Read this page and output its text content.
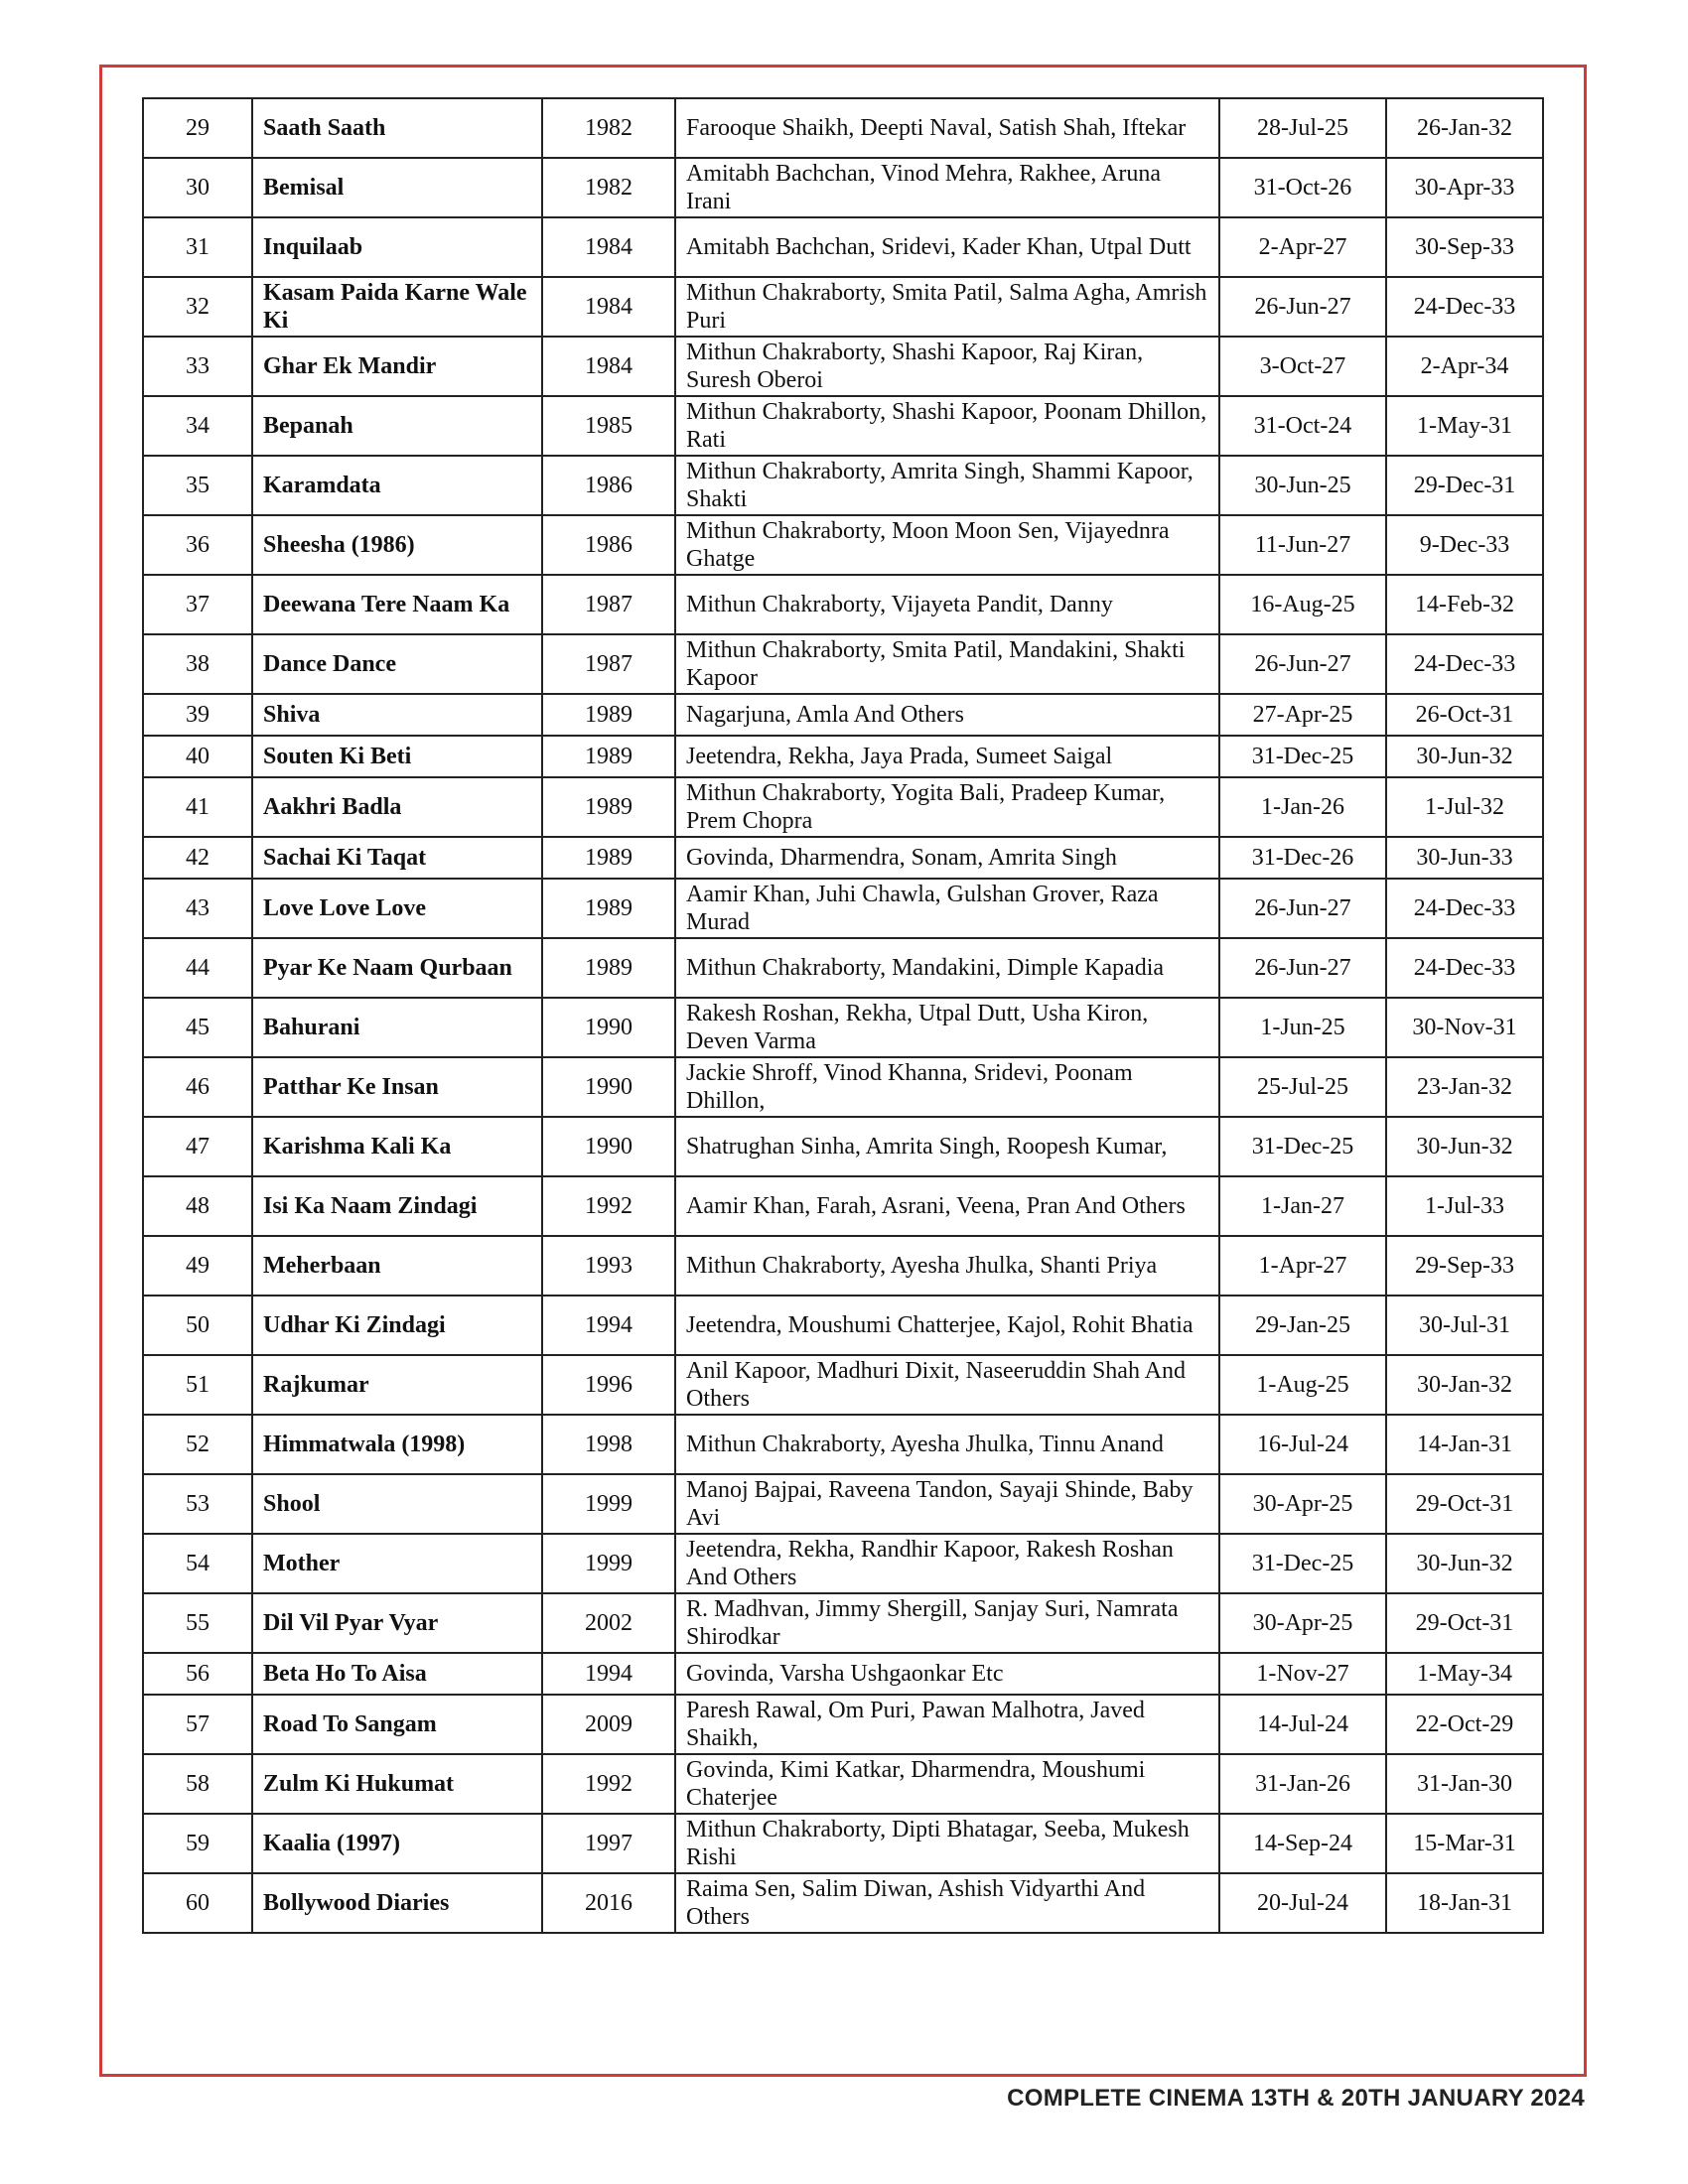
29	Saath Saath	1982	Farooque Shaikh, Deepti Naval, Satish Shah, Iftekar	28-Jul-25	26-Jan-32
30	Bemisal	1982	Amitabh Bachchan, Vinod Mehra, Rakhee, Aruna Irani	31-Oct-26	30-Apr-33
31	Inquilaab	1984	Amitabh Bachchan, Sridevi, Kader Khan, Utpal Dutt	2-Apr-27	30-Sep-33
32	Kasam Paida Karne Wale Ki	1984	Mithun Chakraborty, Smita Patil, Salma Agha, Amrish Puri	26-Jun-27	24-Dec-33
33	Ghar Ek Mandir	1984	Mithun Chakraborty, Shashi Kapoor, Raj Kiran, Suresh Oberoi	3-Oct-27	2-Apr-34
34	Bepanah	1985	Mithun Chakraborty, Shashi Kapoor, Poonam Dhillon, Rati	31-Oct-24	1-May-31
35	Karamdata	1986	Mithun Chakraborty, Amrita Singh, Shammi Kapoor, Shakti	30-Jun-25	29-Dec-31
36	Sheesha (1986)	1986	Mithun Chakraborty, Moon Moon Sen, Vijayednra Ghatge	11-Jun-27	9-Dec-33
37	Deewana Tere Naam Ka	1987	Mithun Chakraborty, Vijayeta Pandit, Danny	16-Aug-25	14-Feb-32
38	Dance Dance	1987	Mithun Chakraborty, Smita Patil, Mandakini, Shakti Kapoor	26-Jun-27	24-Dec-33
39	Shiva	1989	Nagarjuna, Amla And Others	27-Apr-25	26-Oct-31
40	Souten Ki Beti	1989	Jeetendra, Rekha, Jaya Prada, Sumeet Saigal	31-Dec-25	30-Jun-32
41	Aakhri Badla	1989	Mithun Chakraborty, Yogita Bali, Pradeep Kumar, Prem Chopra	1-Jan-26	1-Jul-32
42	Sachai Ki Taqat	1989	Govinda, Dharmendra, Sonam, Amrita Singh	31-Dec-26	30-Jun-33
43	Love Love Love	1989	Aamir Khan, Juhi Chawla, Gulshan Grover, Raza Murad	26-Jun-27	24-Dec-33
44	Pyar Ke Naam Qurbaan	1989	Mithun Chakraborty, Mandakini, Dimple Kapadia	26-Jun-27	24-Dec-33
45	Bahurani	1990	Rakesh Roshan, Rekha, Utpal Dutt, Usha Kiron, Deven Varma	1-Jun-25	30-Nov-31
46	Patthar Ke Insan	1990	Jackie Shroff, Vinod Khanna, Sridevi, Poonam Dhillon,	25-Jul-25	23-Jan-32
47	Karishma Kali Ka	1990	Shatrughan Sinha, Amrita Singh, Roopesh Kumar,	31-Dec-25	30-Jun-32
48	Isi Ka Naam Zindagi	1992	Aamir Khan, Farah, Asrani, Veena, Pran And Others	1-Jan-27	1-Jul-33
49	Meherbaan	1993	Mithun Chakraborty, Ayesha Jhulka, Shanti Priya	1-Apr-27	29-Sep-33
50	Udhar Ki Zindagi	1994	Jeetendra, Moushumi Chatterjee, Kajol, Rohit Bhatia	29-Jan-25	30-Jul-31
51	Rajkumar	1996	Anil Kapoor, Madhuri Dixit, Naseeruddin Shah And Others	1-Aug-25	30-Jan-32
52	Himmatwala (1998)	1998	Mithun Chakraborty, Ayesha Jhulka, Tinnu Anand	16-Jul-24	14-Jan-31
53	Shool	1999	Manoj Bajpai, Raveena Tandon, Sayaji Shinde, Baby Avi	30-Apr-25	29-Oct-31
54	Mother	1999	Jeetendra, Rekha, Randhir Kapoor, Rakesh Roshan And Others	31-Dec-25	30-Jun-32
55	Dil Vil Pyar Vyar	2002	R. Madhvan, Jimmy Shergill, Sanjay Suri, Namrata Shirodkar	30-Apr-25	29-Oct-31
56	Beta Ho To Aisa	1994	Govinda, Varsha Ushgaonkar Etc	1-Nov-27	1-May-34
57	Road To Sangam	2009	Paresh Rawal, Om Puri, Pawan Malhotra, Javed Shaikh,	14-Jul-24	22-Oct-29
58	Zulm Ki Hukumat	1992	Govinda, Kimi Katkar, Dharmendra, Moushumi Chaterjee	31-Jan-26	31-Jan-30
59	Kaalia (1997)	1997	Mithun Chakraborty, Dipti Bhatagar, Seeba, Mukesh Rishi	14-Sep-24	15-Mar-31
60	Bollywood Diaries	2016	Raima Sen, Salim Diwan, Ashish Vidyarthi And Others	20-Jul-24	18-Jan-31
COMPLETE CINEMA 13TH & 20TH JANUARY 2024
